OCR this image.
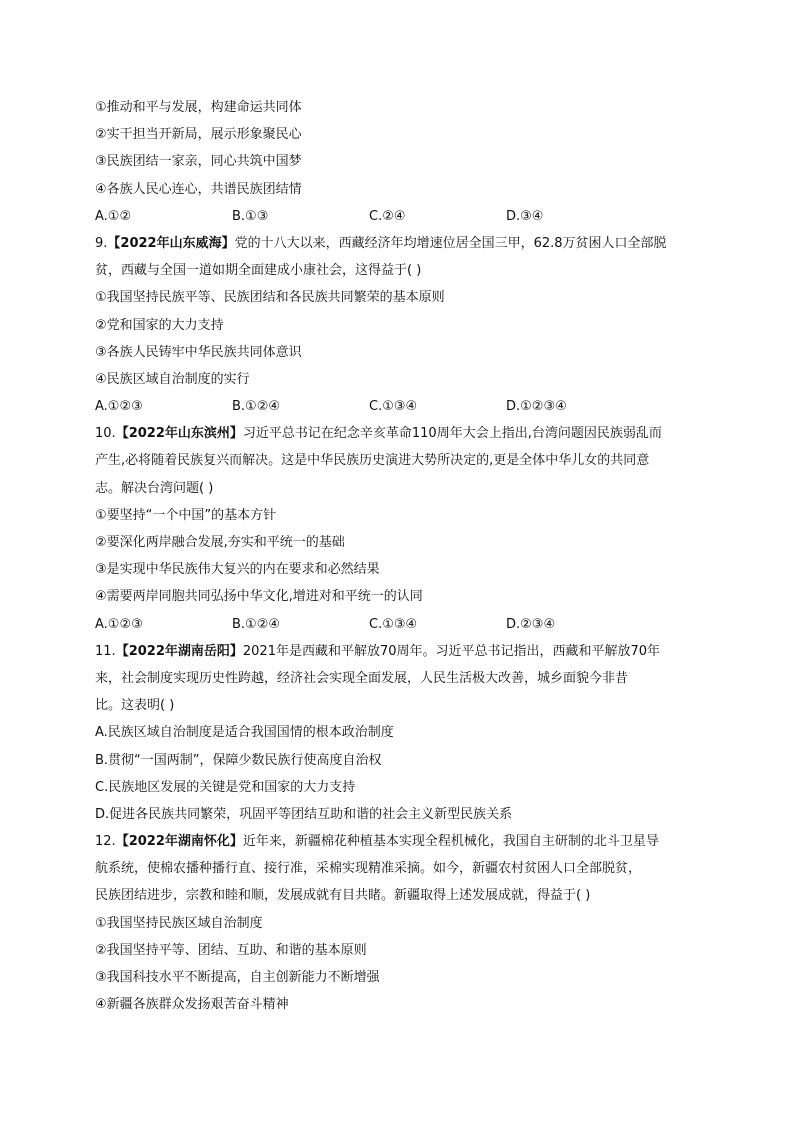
①推动和平与发展，构建命运共同体
②实干担当开新局，展示形象聚民心
③民族团结一家亲，同心共筑中国梦
④各族人民心连心，共谱民族团结情
A.①②	B.①③	C.②④	D.③④
9.【2022年山东威海】党的十八大以来，西藏经济年均增速位居全国三甲，62.8万贫困人口全部脱
贫，西藏与全国一道如期全面建成小康社会，这得益于( )
①我国坚持民族平等、民族团结和各民族共同繁荣的基本原则
②党和国家的大力支持
③各族人民铸牢中华民族共同体意识
④民族区域自治制度的实行
A.①②③	B.①②④	C.①③④	D.①②③④
10.【2022年山东滨州】习近平总书记在纪念辛亥革命110周年大会上指出,台湾问题因民族弱乱而
产生,必将随着民族复兴而解决。这是中华民族历史演进大势所决定的,更是全体中华儿女的共同意
志。解决台湾问题( )
①要坚持“一个中国”的基本方针
②要深化两岸融合发展,夯实和平统一的基础
③是实现中华民族伟大复兴的内在要求和必然结果
④需要两岸同胞共同弘扬中华文化,增进对和平统一的认同
A.①②③	B.①②④	C.①③④	D.②③④
11.【2022年湖南岳阳】2021年是西藏和平解放70周年。习近平总书记指出，西藏和平解放70年
来，社会制度实现历史性跨越，经济社会实现全面发展，人民生活极大改善，城乡面貌今非昔
比。这表明( )
A.民族区域自治制度是适合我国国情的根本政治制度
B.贯彻“一国两制”，保障少数民族行使高度自治权
C.民族地区发展的关键是党和国家的大力支持
D.促进各民族共同繁荣，巩固平等团结互助和谐的社会主义新型民族关系
12.【2022年湖南怀化】近年来，新疆棉花种植基本实现全程机械化，我国自主研制的北斗卫星导
航系统，使棉农播种播行直、接行准，采棉实现精准采摘。如今，新疆农村贫困人口全部脱贫，
民族团结进步，宗教和睦和顺，发展成就有目共睹。新疆取得上述发展成就，得益于( )
①我国坚持民族区域自治制度
②我国坚持平等、团结、互助、和谐的基本原则
③我国科技水平不断提高，自主创新能力不断增强
④新疆各族群众发扬艰苦奋斗精神
